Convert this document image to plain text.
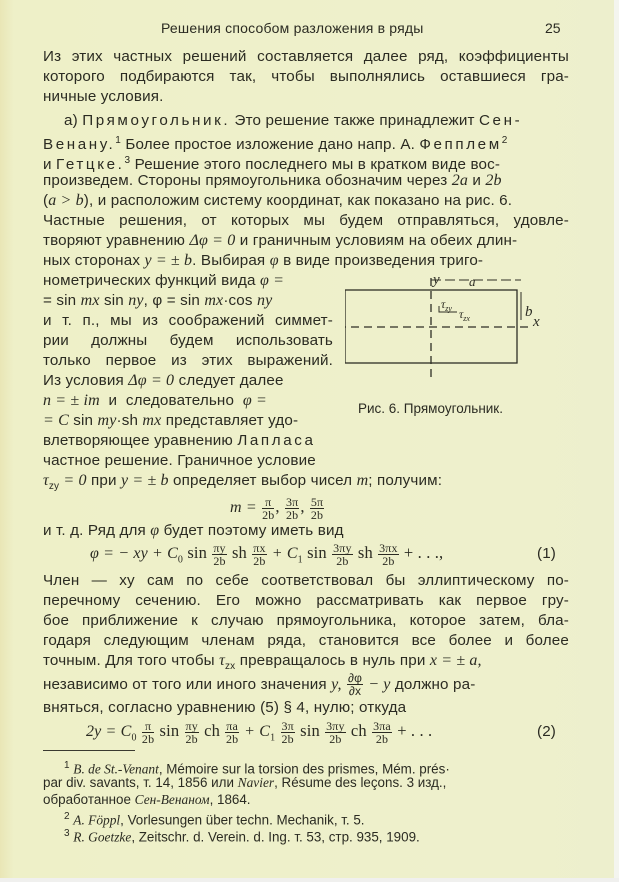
Решения способом разложения в ряды	25
Из этих частных решений составляется далее ряд, коэффициенты
которого подбираются так, чтобы выполнялись оставшиеся гра-
ничные условия.
а) Прямоугольник. Это решение также принадлежит Сен-
Венану.$^1$ Более простое изложение дано напр. А. Фепплем$^2$
и Гетцке.$^3$ Решение этого последнего мы в кратком виде вос-
произведем. Стороны прямоугольника обозначим через 2a и 2b
(a > b), и расположим систему координат, как показано на рис. 6.
Частные решения, от которых мы будем отправляться, удовле-
творяют уравнению Δφ = 0 и граничным условиям на обеих длин-
ных сторонах y = ± b. Выбирая φ в виде произведения триго-
нометрических функций вида φ =
= sin mx sin ny, φ = sin mx·cos ny
и т. п., мы из соображений симмет-
рии должны будем использовать
только первое из этих выражений.
Из условия Δφ = 0 следует далее
n = ± im  и  следовательно  φ =
= C sin my·sh mx представляет удо-
влетворяющее уравнению Лапласа
частное решение. Граничное условие
$\tau_{zy} = 0$ при y = ± b определяет выбор чисел m; получим:
$m = \frac{\pi}{2b}$ , $\frac{3\pi}{2b}$ , $\frac{5\pi}{2b}$
и т. д. Ряд для φ будет поэтому иметь вид
φ = − xy + $C_0$ $\sin \frac{\pi y}{2b}$ sh $\frac{\pi x}{2b} + C_1$ $\sin \frac{3\pi y}{2b}$ sh $\frac{3\pi x}{2b}$ + . . .,	(1)
Член — xy сам по себе соответствовал бы эллиптическому по-
перечному сечению. Его можно рассматривать как первое гру-
бое приближение к случаю прямоугольника, которое затем, бла-
годаря следующим членам ряда, становится все более и более
точным. Для того чтобы $\tau_{zx}$ превращалось в нуль при x = ± a,
независимо от того или иного значения y, $\frac{\partial\varphi}{\partial x} - y$ должно ра-
вняться, согласно уравнению (5) § 4, нулю; откуда
$2y = C_0 \frac{\pi}{2b}$ $\sin \frac{\pi y}{2b}$ ch $\frac{\pi a}{2b} + C_1 \frac{3\pi}{2b}$ $\sin \frac{3\pi y}{2b}$ ch $\frac{3\pi a}{2b}$ + . . .	(2)
$^1$ B. de St.-Venant, Mémoire sur la torsion des prismes, Mém. prés·
par div. savants, т. 14, 1856 или Navier, Résume des leçons. 3 изд.,
обработанное Сен-Венаном, 1864.
$^2$ A. Föppl, Vorlesungen über techn. Mechanik, т. 5.
$^3$ R. Goetzke, Zeitschr. d. Verein. d. Ing. т. 53, стр. 935, 1909.
y a
b
x
$\tau_{zy}$ $\tau_{zx}$
Рис. 6. Прямоугольник.
